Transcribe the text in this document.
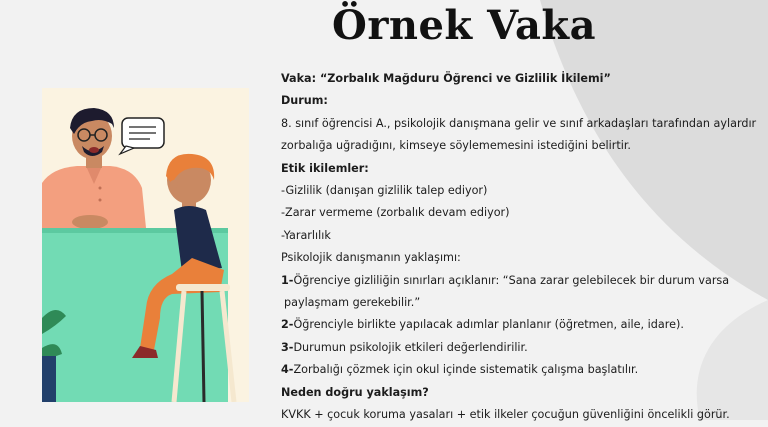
Örnek Vaka
Vaka: “Zorbalık Mağduru Öğrenci ve Gizlilik İkilemi”
Durum:
8. sınıf öğrencisi A., psikolojik danışmana gelir ve sınıf arkadaşları tarafından aylardır
zorbalığa uğradığını, kimseye söylememesini istediğini belirtir.
Etik ikilemler:
-Gizlilik (danışan gizlilik talep ediyor)
-Zarar vermeme (zorbalık devam ediyor)
-Yararlılık
Psikolojik danışmanın yaklaşımı:
1-Öğrenciye gizliliğin sınırları açıklanır: “Sana zarar gelebilecek bir durum varsa
paylaşmam gerekebilir.”
2-Öğrenciyle birlikte yapılacak adımlar planlanır (öğretmen, aile, idare).
3-Durumun psikolojik etkileri değerlendirilir.
4-Zorbalığı çözmek için okul içinde sistematik çalışma başlatılır.
Neden doğru yaklaşım?
KVKK + çocuk koruma yasaları + etik ilkeler çocuğun güvenliğini öncelikli görür.
